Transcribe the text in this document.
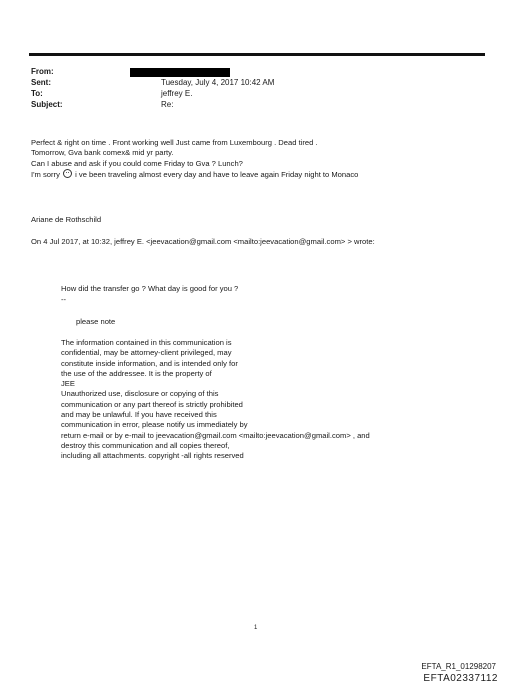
From:
Sent:	Tuesday, July 4, 2017 10:42 AM
To:	jeffrey E.
Subject:	Re:
Perfect & right on time . Front working well Just came from Luxembourg . Dead tired .
Tomorrow, Gva bank comex& mid yr party.
Can I abuse and ask if you could come Friday to Gva ? Lunch?
I'm sorry i ve been traveling almost every day and have to leave again Friday night to Monaco
Ariane de Rothschild
On 4 Jul 2017, at 10:32, jeffrey E. <jeevacation@gmail.com <mailto:jeevacation@gmail.com> > wrote:
How did the transfer go ? What day is good for you ?
--
please note
The information contained in this communication is
confidential, may be attorney-client privileged, may
constitute inside information, and is intended only for
the use of the addressee. It is the property of
JEE
Unauthorized use, disclosure or copying of this
communication or any part thereof is strictly prohibited
and may be unlawful. If you have received this
communication in error, please notify us immediately by
return e-mail or by e-mail to jeevacation@gmail.com <mailto:jeevacation@gmail.com> , and
destroy this communication and all copies thereof,
including all attachments. copyright -all rights reserved
1
EFTA_R1_01298207
EFTA02337112
